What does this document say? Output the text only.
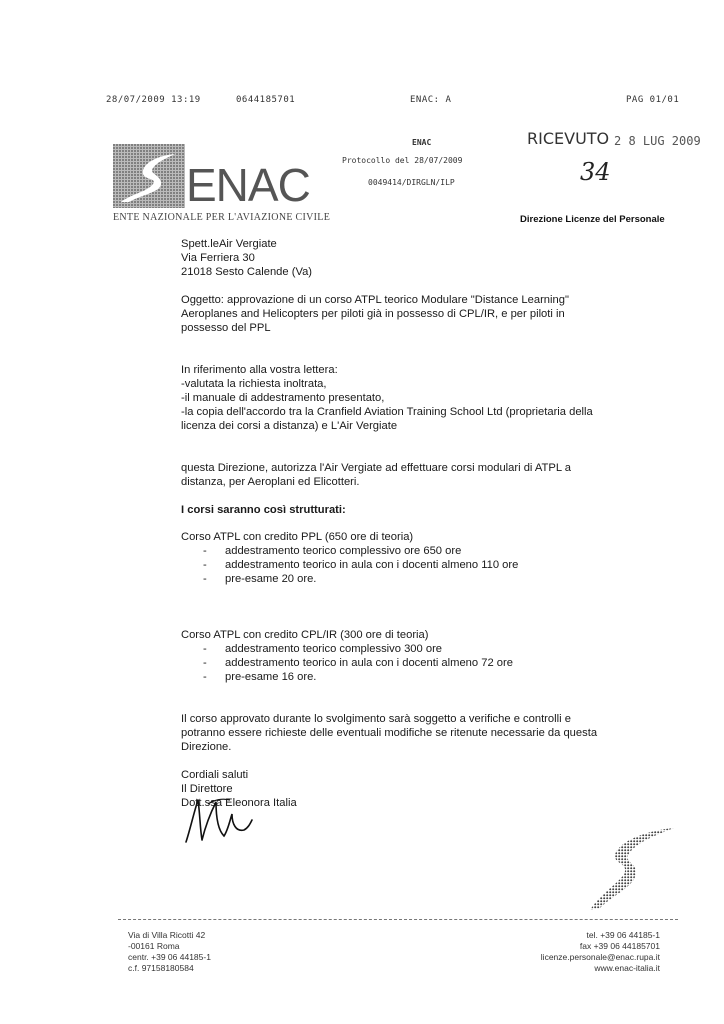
28/07/2009 13:19	0644185701	ENAC: A	PAG 01/01
ENAC
Protocollo del 28/07/2009
0049414/DIRGLN/ILP
RICEVUTO 2 8 LUG 2009
34
ENAC
ENTE NAZIONALE PER L'AVIAZIONE CIVILE	Direzione Licenze del Personale
Spett.leAir Vergiate
Via Ferriera 30
21018 Sesto Calende (Va)
Oggetto: approvazione di un corso ATPL teorico Modulare "Distance Learning"
Aeroplanes and Helicopters per piloti già in possesso di CPL/IR, e per piloti in
possesso del PPL
In riferimento alla vostra lettera:
-valutata la richiesta inoltrata,
-il manuale di addestramento presentato,
-la copia dell'accordo tra la Cranfield Aviation Training School Ltd (proprietaria della
licenza dei corsi a distanza) e L'Air Vergiate
questa Direzione, autorizza l'Air Vergiate ad effettuare corsi modulari di ATPL a
distanza, per Aeroplani ed Elicotteri.
I corsi saranno così strutturati:
Corso ATPL con credito PPL (650 ore di teoria)
- addestramento teorico complessivo ore 650 ore
- addestramento teorico in aula con i docenti almeno 110 ore
- pre-esame 20 ore.
Corso ATPL con credito CPL/IR (300 ore di teoria)
- addestramento teorico complessivo 300 ore
- addestramento teorico in aula con i docenti almeno 72 ore
- pre-esame 16 ore.
Il corso approvato durante lo svolgimento sarà soggetto a verifiche e controlli e
potranno essere richieste delle eventuali modifiche se ritenute necessarie da questa
Direzione.
Cordiali saluti
Il Direttore
Dott.ssa Eleonora Italia
Via di Villa Ricotti 42
-00161 Roma
centr. +39 06 44185-1
c.f. 97158180584
tel. +39 06 44185-1
fax +39 06 44185701
licenze.personale@enac.rupa.it
www.enac-italia.it
